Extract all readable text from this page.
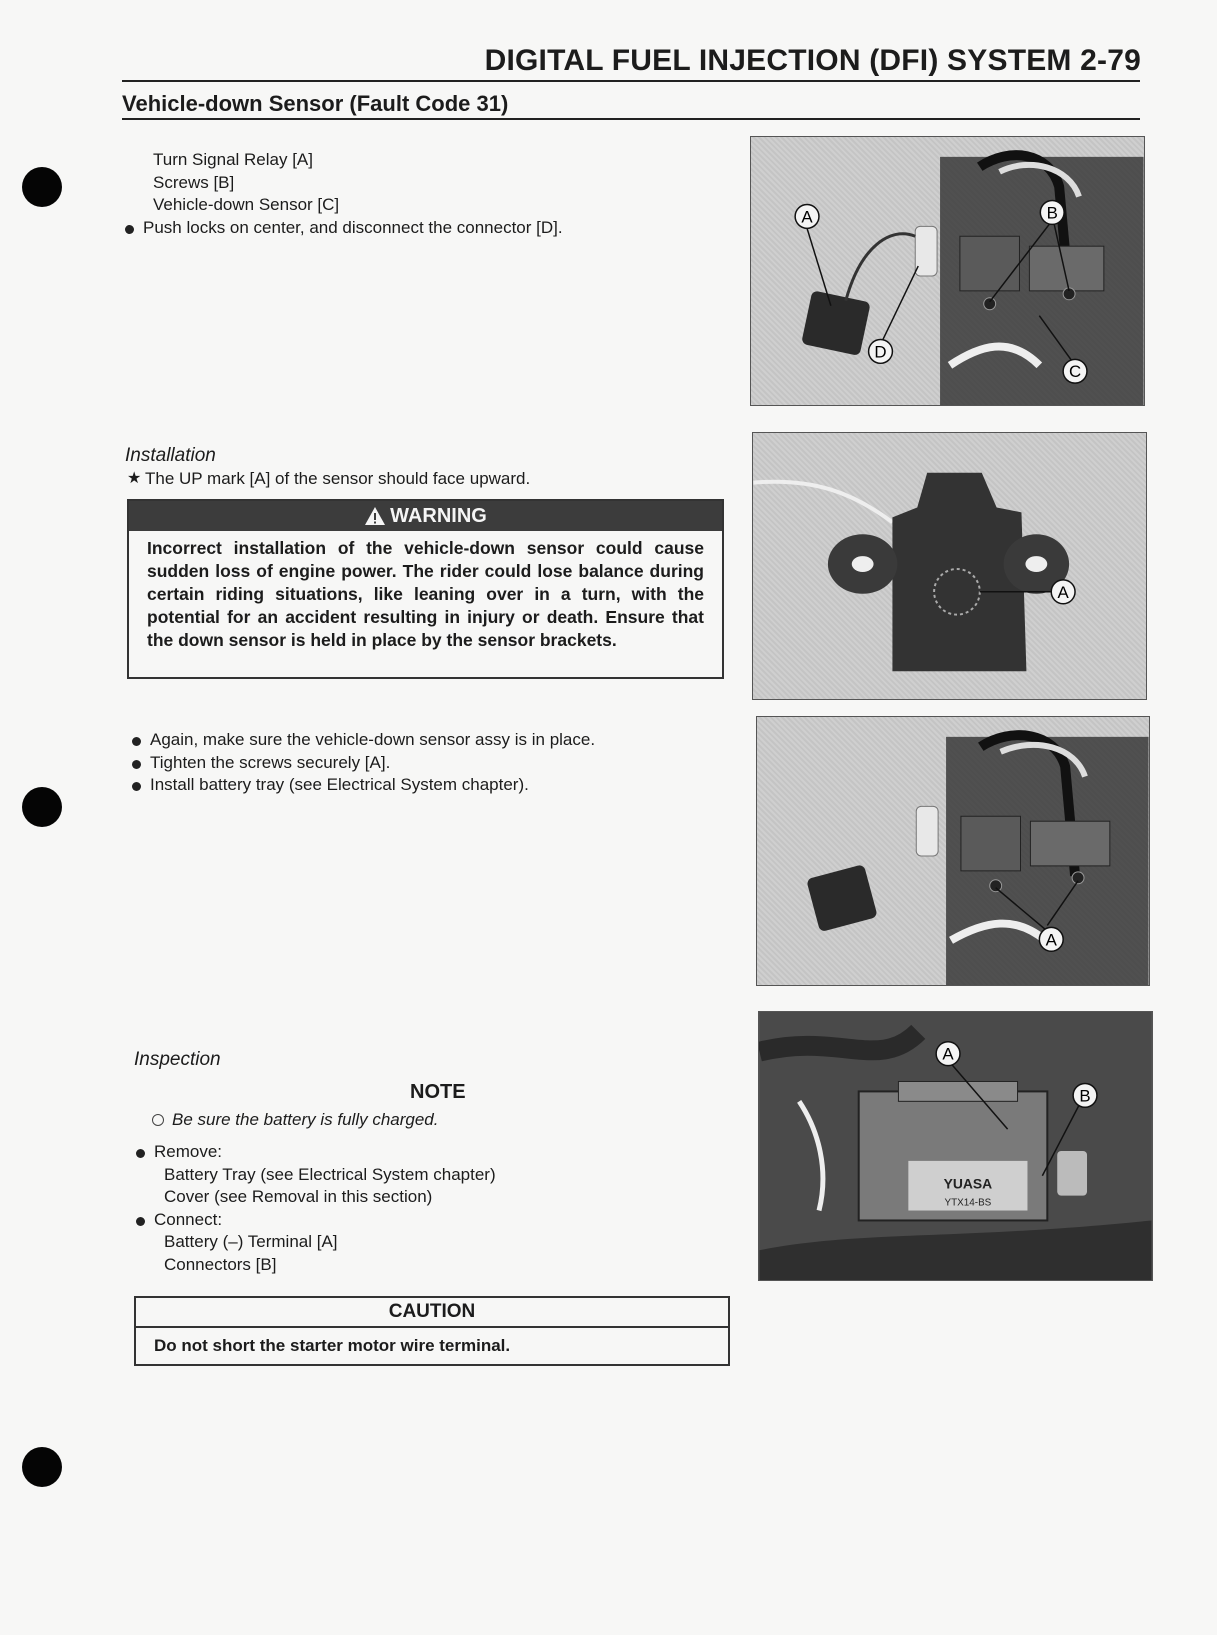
DIGITAL FUEL INJECTION (DFI) SYSTEM 2-79
Vehicle-down Sensor (Fault Code 31)
Turn Signal Relay [A]
Screws [B]
Vehicle-down Sensor [C]
Push locks on center, and disconnect the connector [D].
Installation
★ The UP mark [A] of the sensor should face upward.
WARNING
Incorrect installation of the vehicle-down sensor could cause sudden loss of engine power. The rider could lose balance during certain riding situations, like leaning over in a turn, with the potential for an accident resulting in injury or death. Ensure that the down sensor is held in place by the sensor brackets.
Again, make sure the vehicle-down sensor assy is in place.
Tighten the screws securely [A].
Install battery tray (see Electrical System chapter).
Inspection
NOTE
Be sure the battery is fully charged.
Remove:
Battery Tray (see Electrical System chapter)
Cover (see Removal in this section)
Connect:
Battery (–) Terminal [A]
Connectors [B]
CAUTION
Do not short the starter motor wire terminal.
A	B
C
D
A
A
YUASA
YTX14-BS
A
B
